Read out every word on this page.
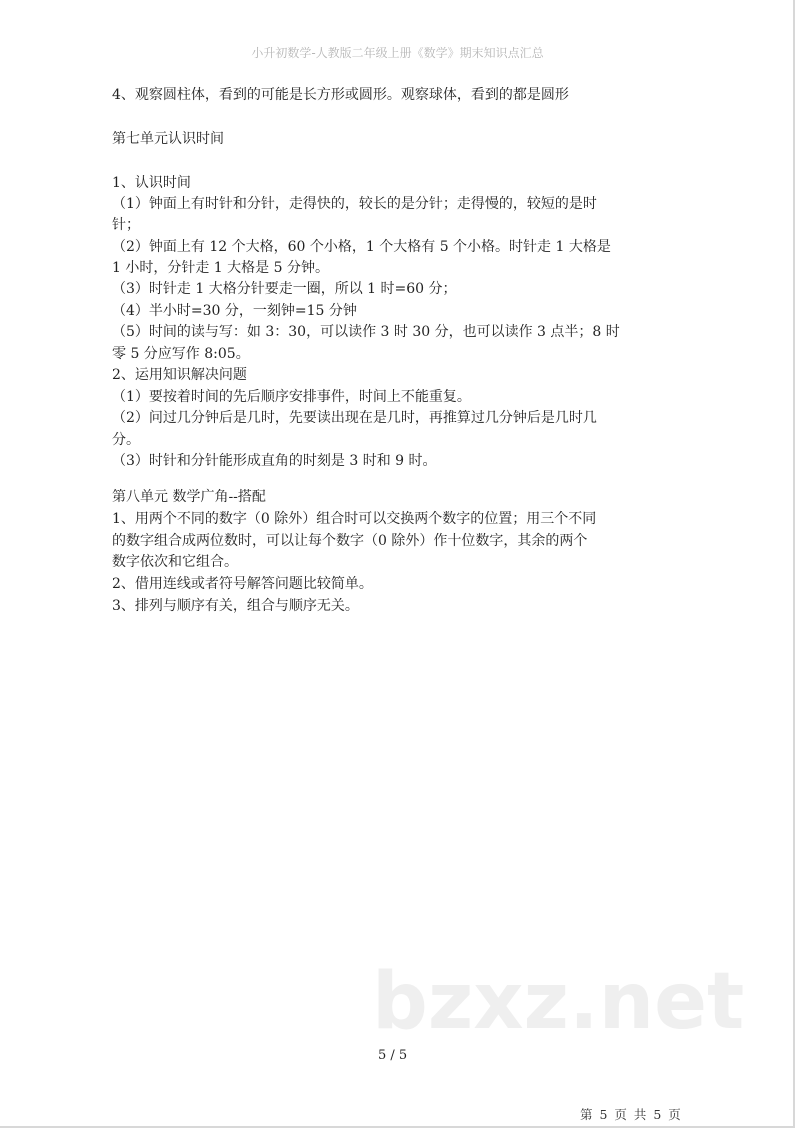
小升初数学-人教版二年级上册《数学》期末知识点汇总
4、观察圆柱体，看到的可能是长方形或圆形。观察球体，看到的都是圆形
第七单元认识时间
1、认识时间
（1）钟面上有时针和分针，走得快的，较长的是分针；走得慢的，较短的是时
针；
（2）钟面上有 12 个大格，60 个小格，1 个大格有 5 个小格。时针走 1 大格是
1 小时，分针走 1 大格是 5 分钟。
（3）时针走 1 大格分针要走一圈，所以 1 时=60 分；
（4）半小时=30 分，一刻钟=15 分钟
（5）时间的读与写：如 3：30，可以读作 3 时 30 分，也可以读作 3 点半；8 时
零 5 分应写作 8:05。
2、运用知识解决问题
（1）要按着时间的先后顺序安排事件，时间上不能重复。
（2）问过几分钟后是几时，先要读出现在是几时，再推算过几分钟后是几时几
分。
（3）时针和分针能形成直角的时刻是 3 时和 9 时。
第八单元 数学广角--搭配
1、用两个不同的数字（0 除外）组合时可以交换两个数字的位置；用三个不同
的数字组合成两位数时，可以让每个数字（0 除外）作十位数字，其余的两个
数字依次和它组合。
2、借用连线或者符号解答问题比较简单。
3、排列与顺序有关，组合与顺序无关。
bzxz.net
5 / 5
第 5 页 共 5 页
